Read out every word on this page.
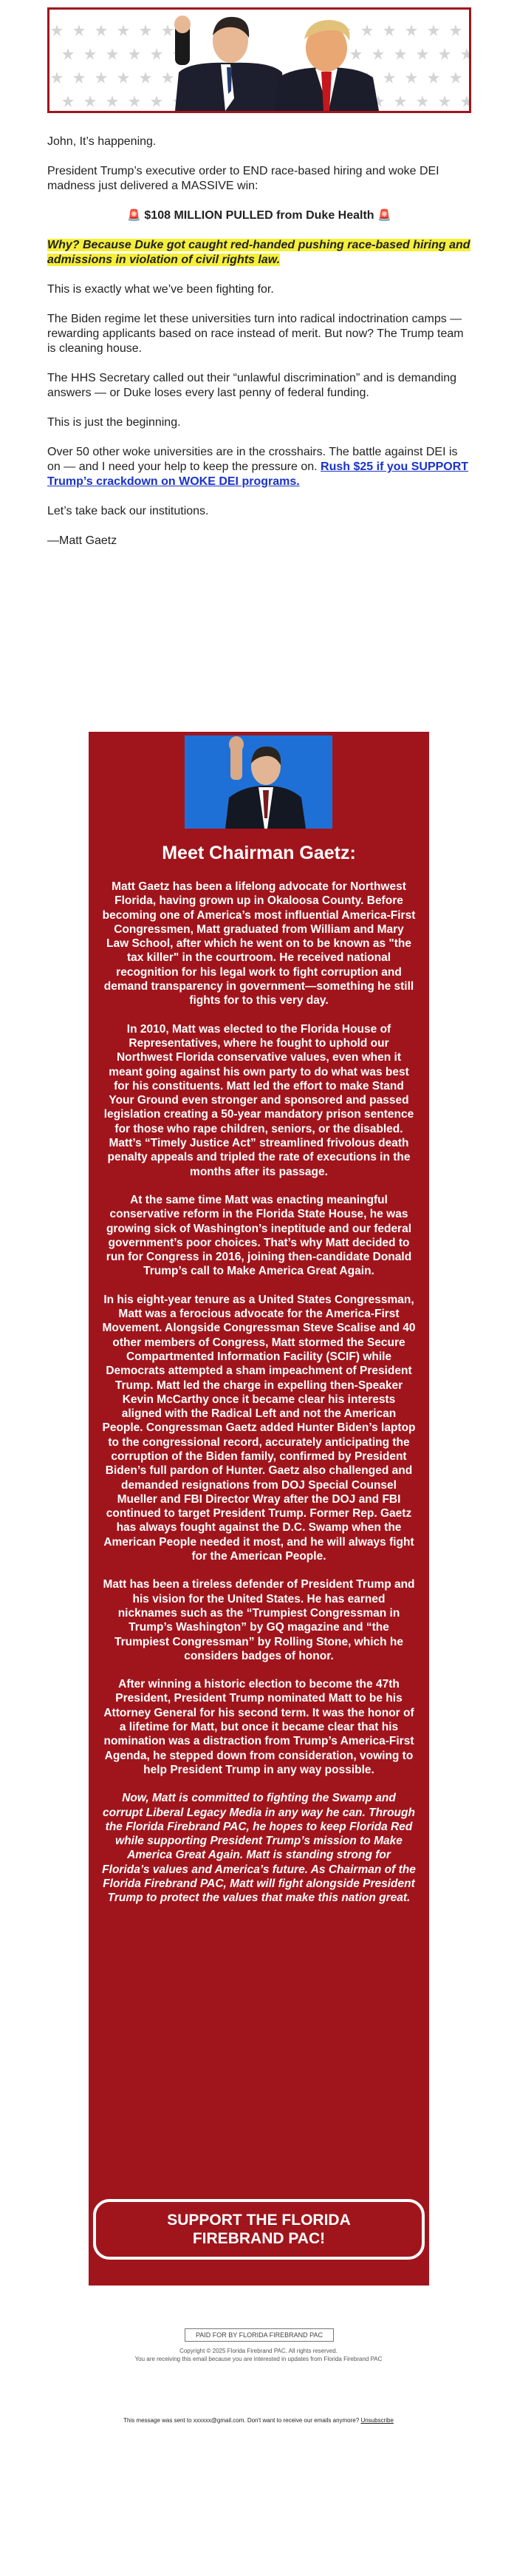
John, It’s happening.

President Trump’s executive order to END race-based hiring and woke DEI madness just delivered a MASSIVE win:

🚨 $108 MILLION PULLED from Duke Health 🚨

Why? Because Duke got caught red-handed pushing race-based hiring and admissions in violation of civil rights law.

This is exactly what we’ve been fighting for.

The Biden regime let these universities turn into radical indoctrination camps — rewarding applicants based on race instead of merit. But now? The Trump team is cleaning house.

The HHS Secretary called out their “unlawful discrimination” and is demanding answers — or Duke loses every last penny of federal funding.

This is just the beginning.

Over 50 other woke universities are in the crosshairs. The battle against DEI is on — and I need your help to keep the pressure on. Rush $25 if you SUPPORT Trump’s crackdown on WOKE DEI programs.

Let’s take back our institutions.

—Matt Gaetz

Meet Chairman Gaetz:

Matt Gaetz has been a lifelong advocate for Northwest Florida, having grown up in Okaloosa County. Before becoming one of America’s most influential America-First Congressmen, Matt graduated from William and Mary Law School, after which he went on to be known as "the tax killer" in the courtroom. He received national recognition for his legal work to fight corruption and demand transparency in government—something he still fights for to this very day.

In 2010, Matt was elected to the Florida House of Representatives, where he fought to uphold our Northwest Florida conservative values, even when it meant going against his own party to do what was best for his constituents. Matt led the effort to make Stand Your Ground even stronger and sponsored and passed legislation creating a 50-year mandatory prison sentence for those who rape children, seniors, or the disabled. Matt’s “Timely Justice Act” streamlined frivolous death penalty appeals and tripled the rate of executions in the months after its passage.

At the same time Matt was enacting meaningful conservative reform in the Florida State House, he was growing sick of Washington’s ineptitude and our federal government’s poor choices. That’s why Matt decided to run for Congress in 2016, joining then-candidate Donald Trump’s call to Make America Great Again.

In his eight-year tenure as a United States Congressman, Matt was a ferocious advocate for the America-First Movement. Alongside Congressman Steve Scalise and 40 other members of Congress, Matt stormed the Secure Compartmented Information Facility (SCIF) while Democrats attempted a sham impeachment of President Trump. Matt led the charge in expelling then-Speaker Kevin McCarthy once it became clear his interests aligned with the Radical Left and not the American People. Congressman Gaetz added Hunter Biden’s laptop to the congressional record, accurately anticipating the corruption of the Biden family, confirmed by President Biden’s full pardon of Hunter. Gaetz also challenged and demanded resignations from DOJ Special Counsel Mueller and FBI Director Wray after the DOJ and FBI continued to target President Trump. Former Rep. Gaetz has always fought against the D.C. Swamp when the American People needed it most, and he will always fight for the American People.

Matt has been a tireless defender of President Trump and his vision for the United States. He has earned nicknames such as the “Trumpiest Congressman in Trump’s Washington” by GQ magazine and “the Trumpiest Congressman” by Rolling Stone, which he considers badges of honor.

After winning a historic election to become the 47th President, President Trump nominated Matt to be his Attorney General for his second term. It was the honor of a lifetime for Matt, but once it became clear that his nomination was a distraction from Trump’s America-First Agenda, he stepped down from consideration, vowing to help President Trump in any way possible.

Now, Matt is committed to fighting the Swamp and corrupt Liberal Legacy Media in any way he can. Through the Florida Firebrand PAC, he hopes to keep Florida Red while supporting President Trump’s mission to Make America Great Again. Matt is standing strong for Florida’s values and America’s future. As Chairman of the Florida Firebrand PAC, Matt will fight alongside President Trump to protect the values that make this nation great.

SUPPORT THE FLORIDA FIREBRAND PAC!
PAID FOR BY FLORIDA FIREBRAND PAC
Copyright © 2025 Florida Firebrand PAC. All rights reserved.
You are receiving this email because you are interested in updates from Florida Firebrand PAC
This message was sent to xxxxxx@gmail.com. Don't want to receive our emails anymore? Unsubscribe
